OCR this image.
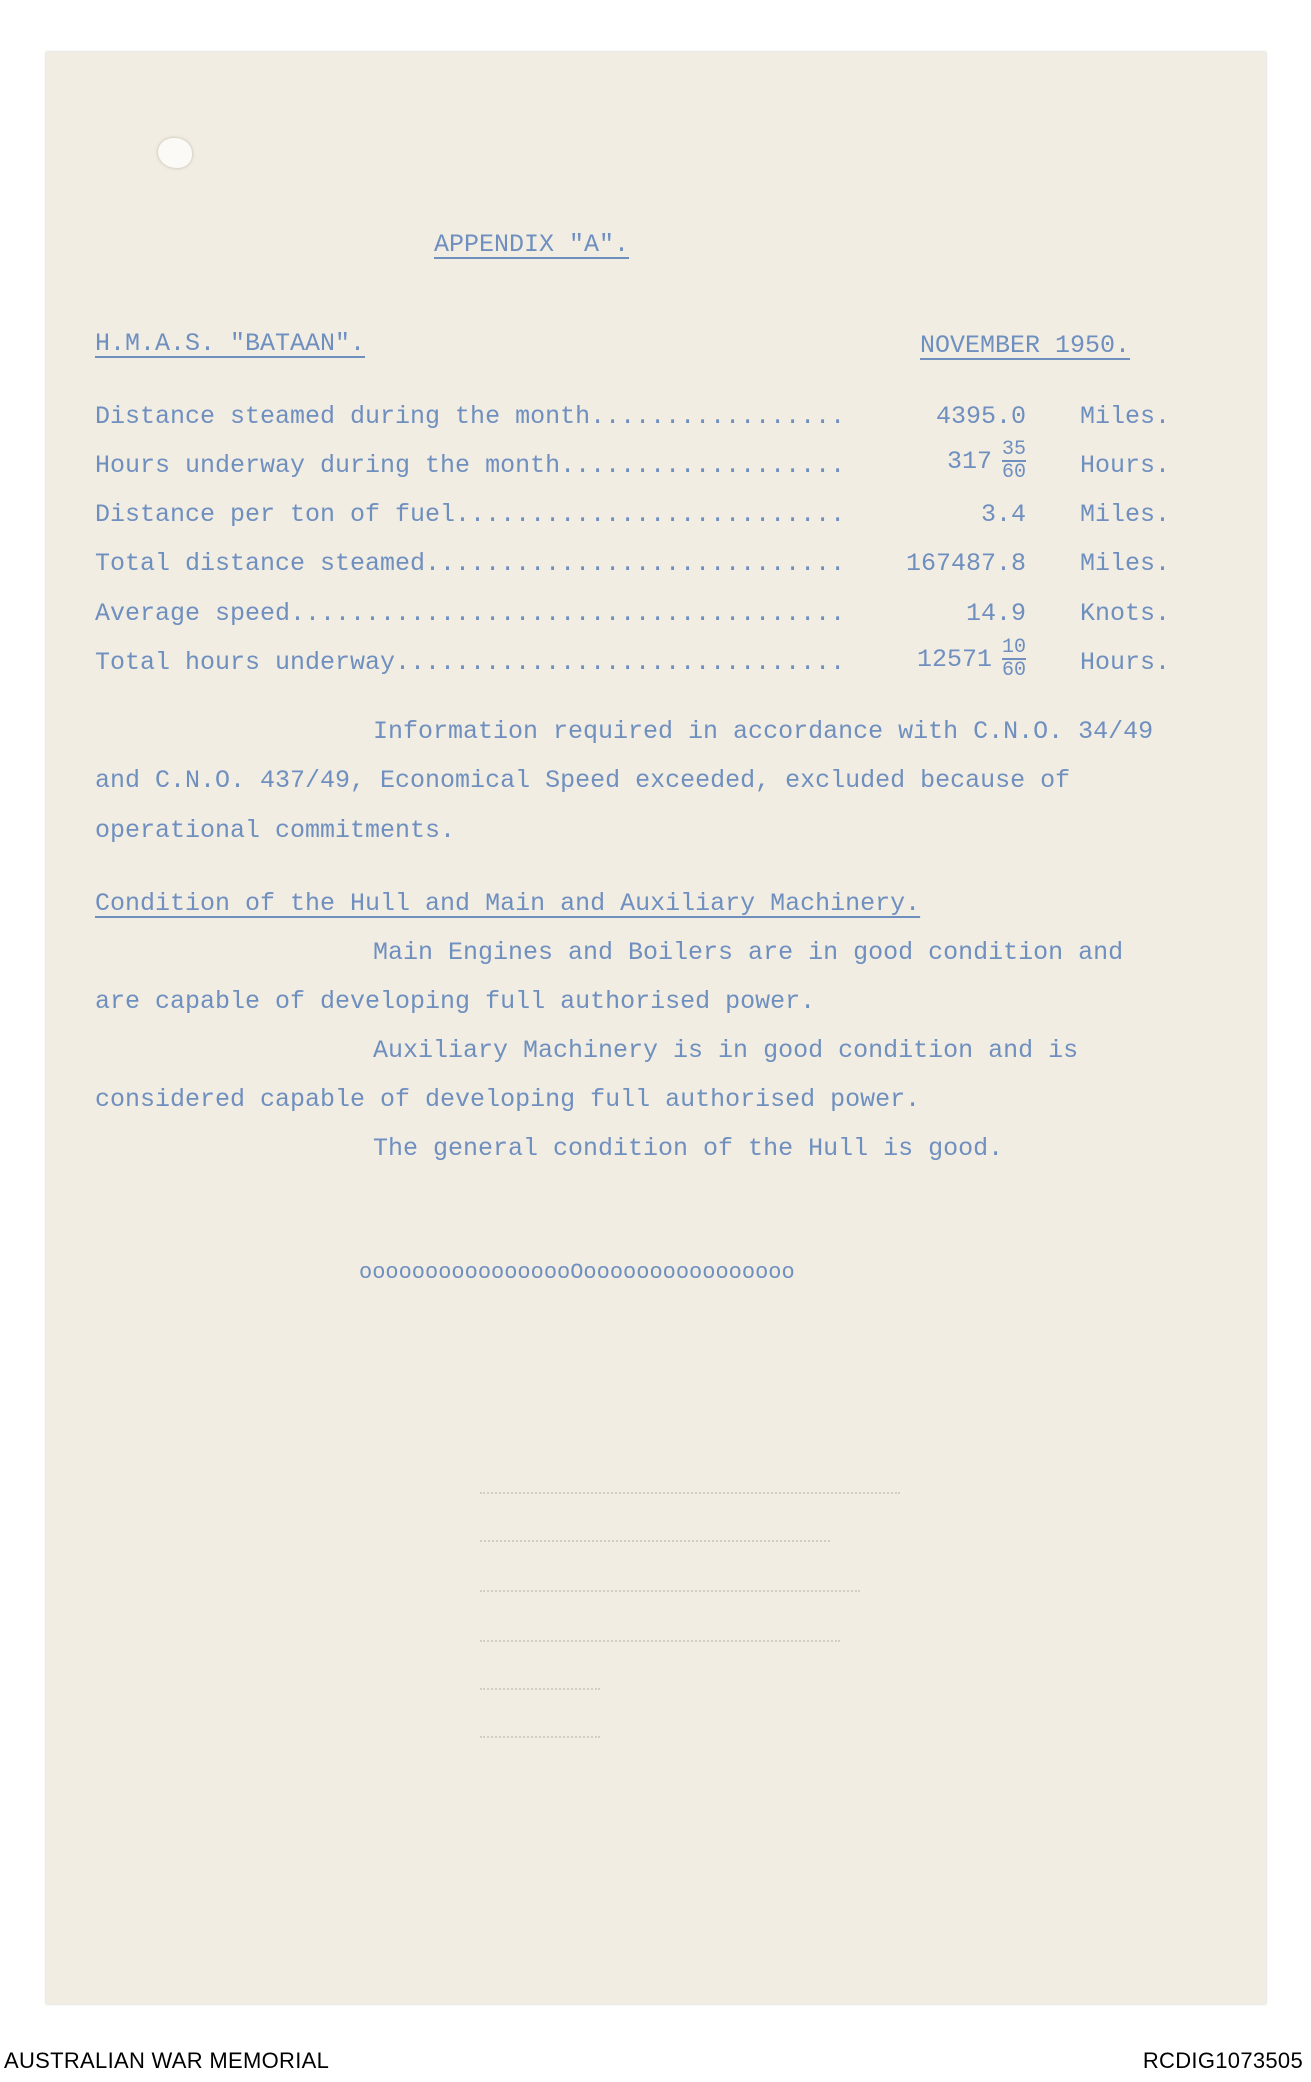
APPENDIX "A".
H.M.A.S. "BATAAN".	NOVEMBER 1950.
Distance steamed during the month.................	4395.0 Miles.
Hours underway during the month...................	$317 \frac{35}{60}$ Hours.
Distance per ton of fuel..........................	3.4 Miles.
Total distance steamed............................ 167487.8 Miles.
Average speed.....................................	14.9 Knots.
Total hours underway..............................	$12571 \frac{10}{60}$ Hours.
Information required in accordance with C.N.O. 34/49
and C.N.O. 437/49, Economical Speed exceeded, excluded because of
operational commitments.
Condition of the Hull and Main and Auxiliary Machinery.
Main Engines and Boilers are in good condition and
are capable of developing full authorised power.
Auxiliary Machinery is in good condition and is
considered capable of developing full authorised power.
The general condition of the Hull is good.
ooooooooooooooooOoooooooooooooooo
AUSTRALIAN WAR MEMORIAL	RCDIG1073505
